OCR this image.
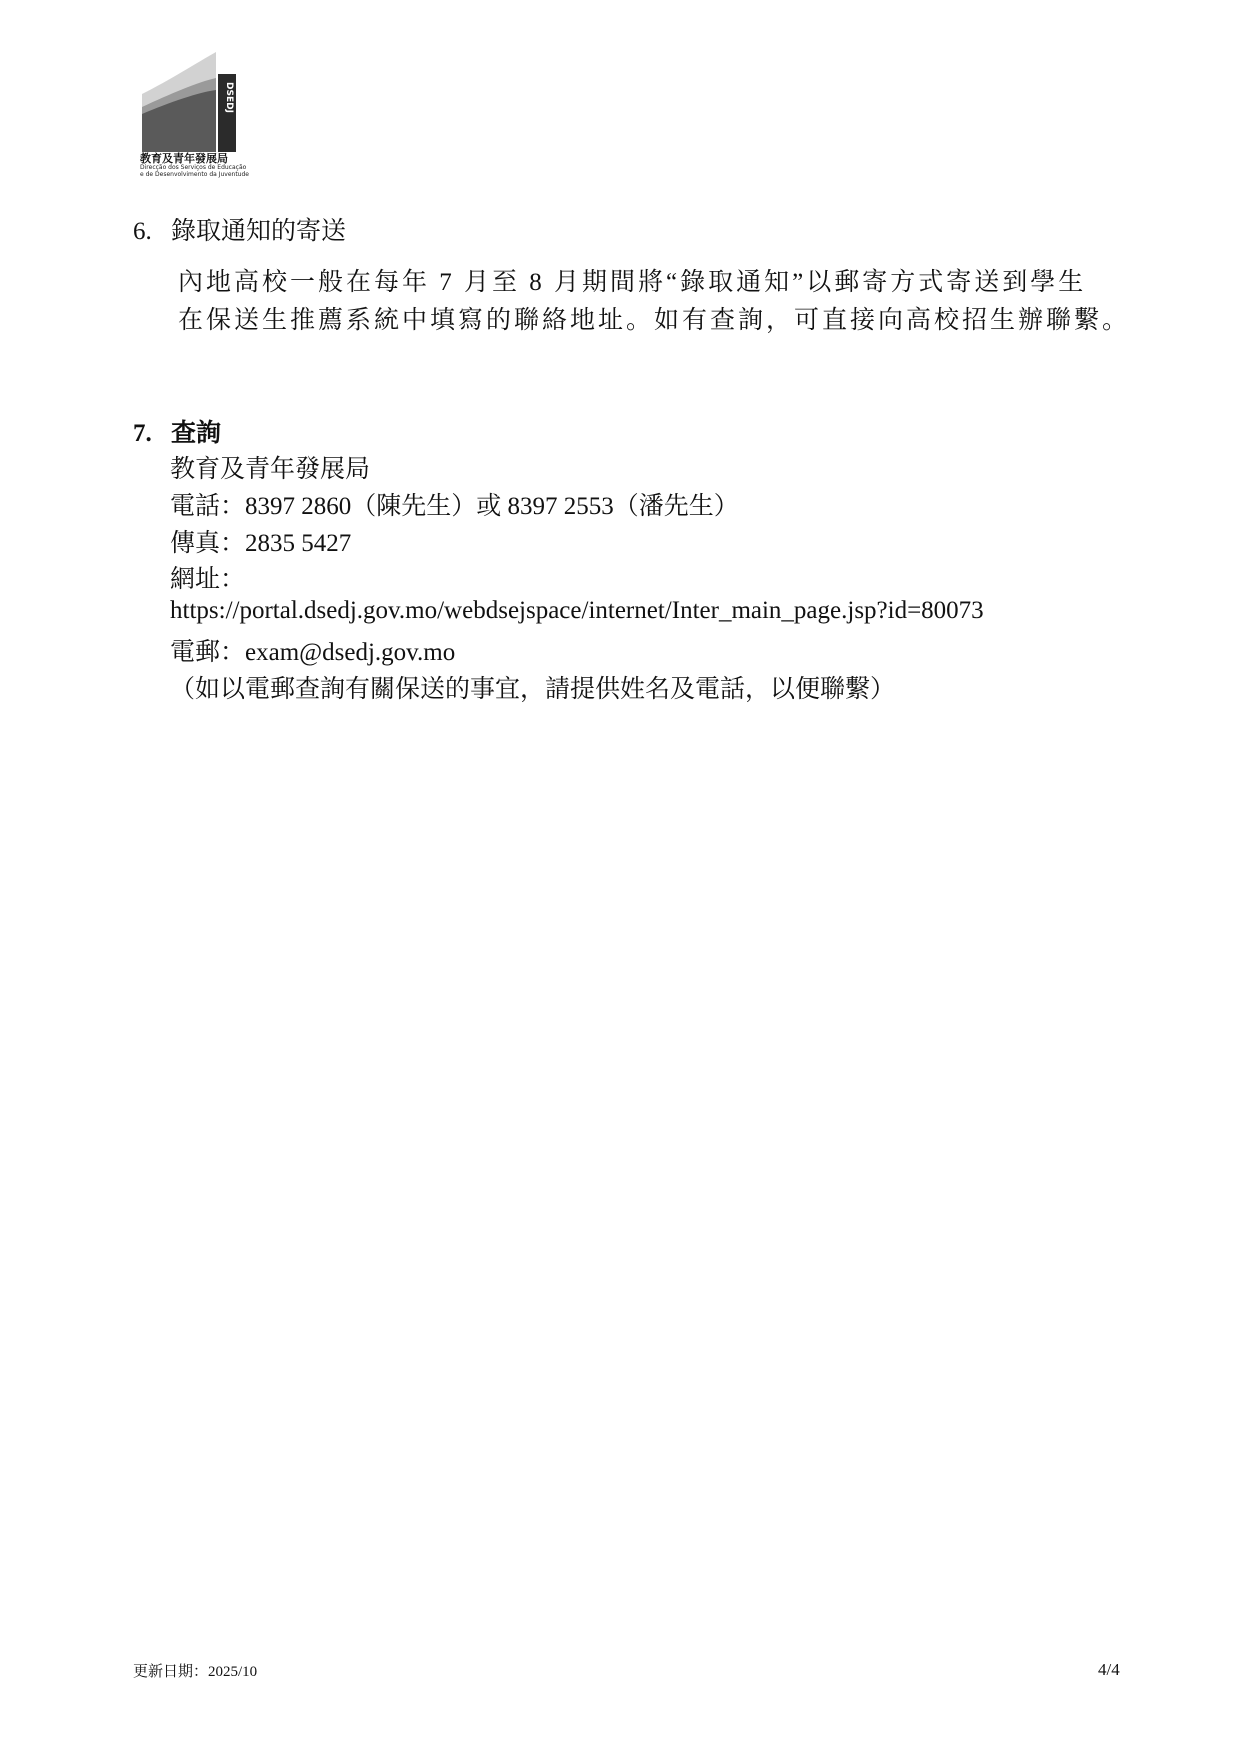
DSEDJ
教育及青年發展局
Direcção dos Serviços de Educação
e de Desenvolvimento da Juventude
6. 錄取通知的寄送
內地高校一般在每年 7 月至 8 月期間將“錄取通知”以郵寄方式寄送到學生
在保送生推薦系統中填寫的聯絡地址。如有查詢，可直接向高校招生辦聯繫。
7. 查詢
教育及青年發展局
電話：8397 2860（陳先生）或 8397 2553（潘先生）
傳真：2835 5427
網址：
https://portal.dsedj.gov.mo/webdsejspace/internet/Inter_main_page.jsp?id=80073
電郵：exam@dsedj.gov.mo
（如以電郵查詢有關保送的事宜，請提供姓名及電話，以便聯繫）
更新日期：2025/10	4/4
